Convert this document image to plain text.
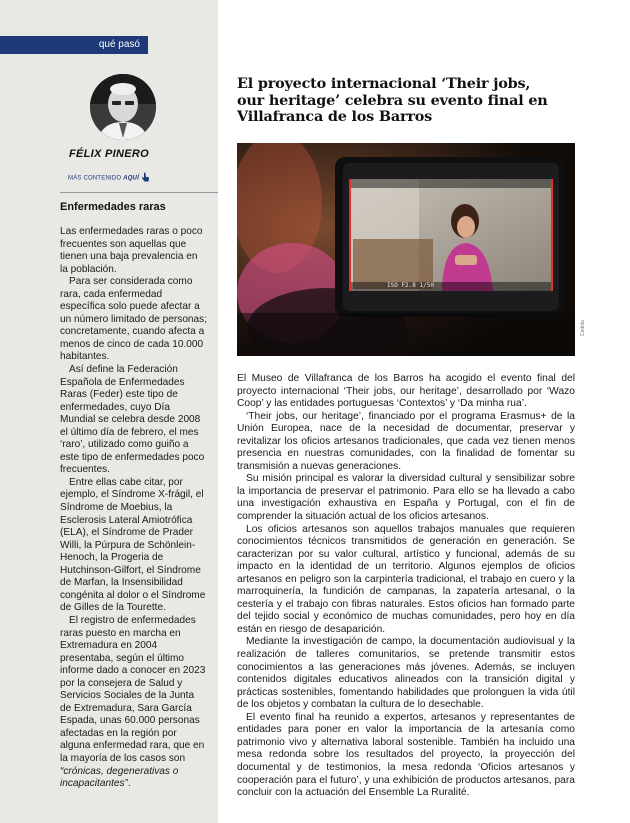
qué pasó
FÉLIX PINERO
MÁS CONTENIDO AQUÍ
Enfermedades raras

Las enfermedades raras o poco frecuentes son aquellas que tienen una baja prevalencia en la población.

Para ser considerada como rara, cada enfermedad específica solo puede afectar a un número limitado de personas; concretamente, cuando afecta a menos de cinco de cada 10.000 habitantes.

Así define la Federación Española de Enfermedades Raras (Feder) este tipo de enfermedades, cuyo Día Mundial se celebra desde 2008 el último día de febrero, el mes ‘raro’, utilizado como guiño a este tipo de enfermedades poco frecuentes.

Entre ellas cabe citar, por ejemplo, el Síndrome X-frágil, el Síndrome de Moebius, la Esclerosis Lateral Amiotrófica (ELA), el Síndrome de Prader Willi, la Púrpura de Schönlein-Henoch, la Progeria de Hutchinson-Gilfort, el Síndrome de Marfan, la Insensibilidad congénita al dolor o el Síndrome de Gilles de la Tourette.

El registro de enfermedades raras puesto en marcha en Extremadura en 2004 presentaba, según el último informe dado a conocer en 2023 por la consejera de Salud y Servicios Sociales de la Junta de Extremadura, Sara García Espada, unas 60.000 personas afectadas en la región por alguna enfermedad rara, que en la mayoría de los casos son “crónicas, degenerativas o incapacitantes”.

El proyecto internacional ‘Their jobs, our heritage’ celebra su evento final en Villafranca de los Barros
ISO F2.8 1/50
Cedida

El Museo de Villafranca de los Barros ha acogido el evento final del proyecto internacional ‘Their jobs, our heritage’, desarrollado por ‘Wazo Coop’ y las entidades portuguesas ‘Contextos’ y ‘Da minha rua’.

‘Their jobs, our heritage’, financiado por el programa Erasmus+ de la Unión Europea, nace de la necesidad de documentar, preservar y revitalizar los oficios artesanos tradicionales, que cada vez tienen menos presencia en nuestras comunidades, con la finalidad de fomentar su transmisión a nuevas generaciones.

Su misión principal es valorar la diversidad cultural y sensibilizar sobre la importancia de preservar el patrimonio. Para ello se ha llevado a cabo una investigación exhaustiva en España y Portugal, con el fin de comprender la situación actual de los oficios artesanos.

Los oficios artesanos son aquellos trabajos manuales que requieren conocimientos técnicos transmitidos de generación en generación. Se caracterizan por su valor cultural, artístico y funcional, además de su impacto en la identidad de un territorio. Algunos ejemplos de oficios artesanos en peligro son la carpintería tradicional, el trabajo en cuero y la marroquinería, la fundición de campanas, la zapatería artesanal, o la cestería y el trabajo con fibras naturales. Estos oficios han formado parte del tejido social y económico de muchas comunidades, pero hoy en día están en riesgo de desaparición.

Mediante la investigación de campo, la documentación audiovisual y la realización de talleres comunitarios, se pretende transmitir estos conocimientos a las generaciones más jóvenes. Además, se incluyen contenidos digitales educativos alineados con la transición digital y prácticas sostenibles, fomentando habilidades que prolonguen la vida útil de los objetos y combatan la cultura de lo desechable.

El evento final ha reunido a expertos, artesanos y representantes de entidades para poner en valor la importancia de la artesanía como patrimonio vivo y alternativa laboral sostenible. También ha incluido una mesa redonda sobre los resultados del proyecto, la proyección del documental y de testimonios, la mesa redonda ‘Oficios artesanos y cooperación para el futuro’, y una exhibición de productos artesanos, para concluir con la actuación del Ensemble La Ruralité.
